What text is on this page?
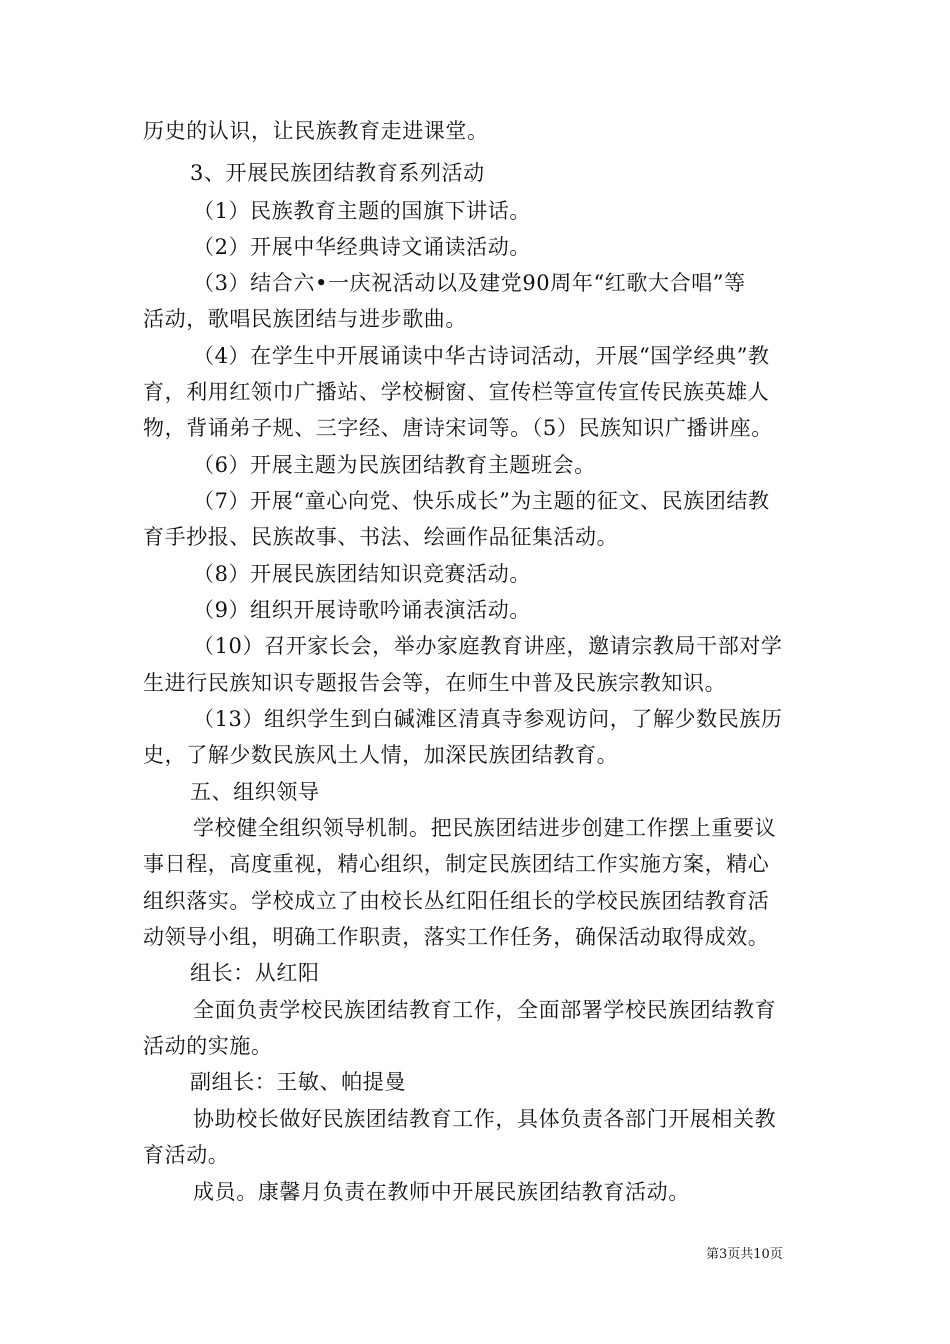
历史的认识，让民族教育走进课堂。
3、开展民族团结教育系列活动
（1）民族教育主题的国旗下讲话。
（2）开展中华经典诗文诵读活动。
（3）结合六•一庆祝活动以及建党90周年“红歌大合唱”等
活动，歌唱民族团结与进步歌曲。
（4）在学生中开展诵读中华古诗词活动，开展“国学经典”教
育，利用红领巾广播站、学校橱窗、宣传栏等宣传宣传民族英雄人
物，背诵弟子规、三字经、唐诗宋词等。（5）民族知识广播讲座。
（6）开展主题为民族团结教育主题班会。
（7）开展“童心向党、快乐成长”为主题的征文、民族团结教
育手抄报、民族故事、书法、绘画作品征集活动。
（8）开展民族团结知识竞赛活动。
（9）组织开展诗歌吟诵表演活动。
（10）召开家长会，举办家庭教育讲座，邀请宗教局干部对学
生进行民族知识专题报告会等，在师生中普及民族宗教知识。
（13）组织学生到白碱滩区清真寺参观访问，了解少数民族历
史，了解少数民族风土人情，加深民族团结教育。
五、组织领导
学校健全组织领导机制。把民族团结进步创建工作摆上重要议
事日程，高度重视，精心组织，制定民族团结工作实施方案，精心
组织落实。学校成立了由校长丛红阳任组长的学校民族团结教育活
动领导小组，明确工作职责，落实工作任务，确保活动取得成效。
组长：从红阳
全面负责学校民族团结教育工作，全面部署学校民族团结教育
活动的实施。
副组长：王敏、帕提曼
协助校长做好民族团结教育工作，具体负责各部门开展相关教
育活动。
成员。康馨月负责在教师中开展民族团结教育活动。
第3页共10页
